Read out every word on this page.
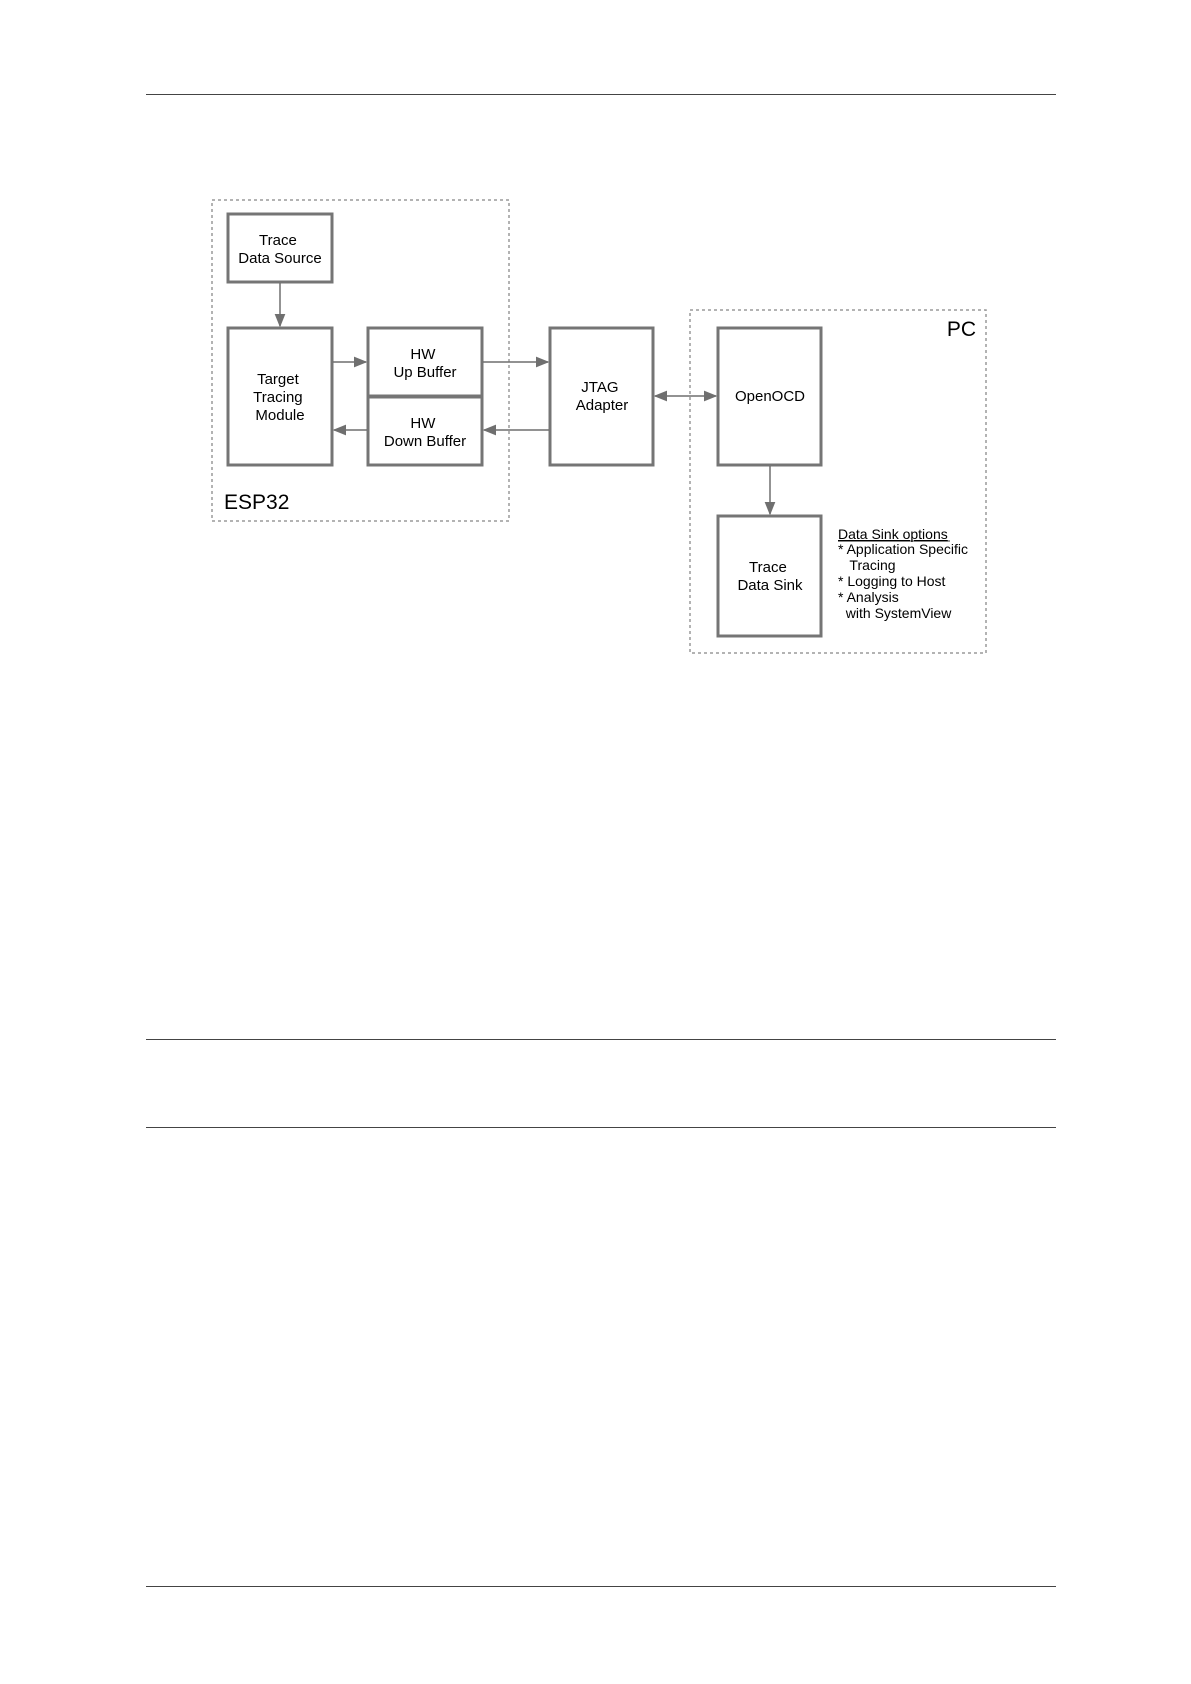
Trace Data Source
Target Tracing Module
HW Up Buffer
HW Down Buffer
JTAG Adapter
OpenOCD
Trace Data Sink
ESP32
PC
Data Sink options
* Application Specific        Tracing * Logging to Host * Analysis       with SystemView
